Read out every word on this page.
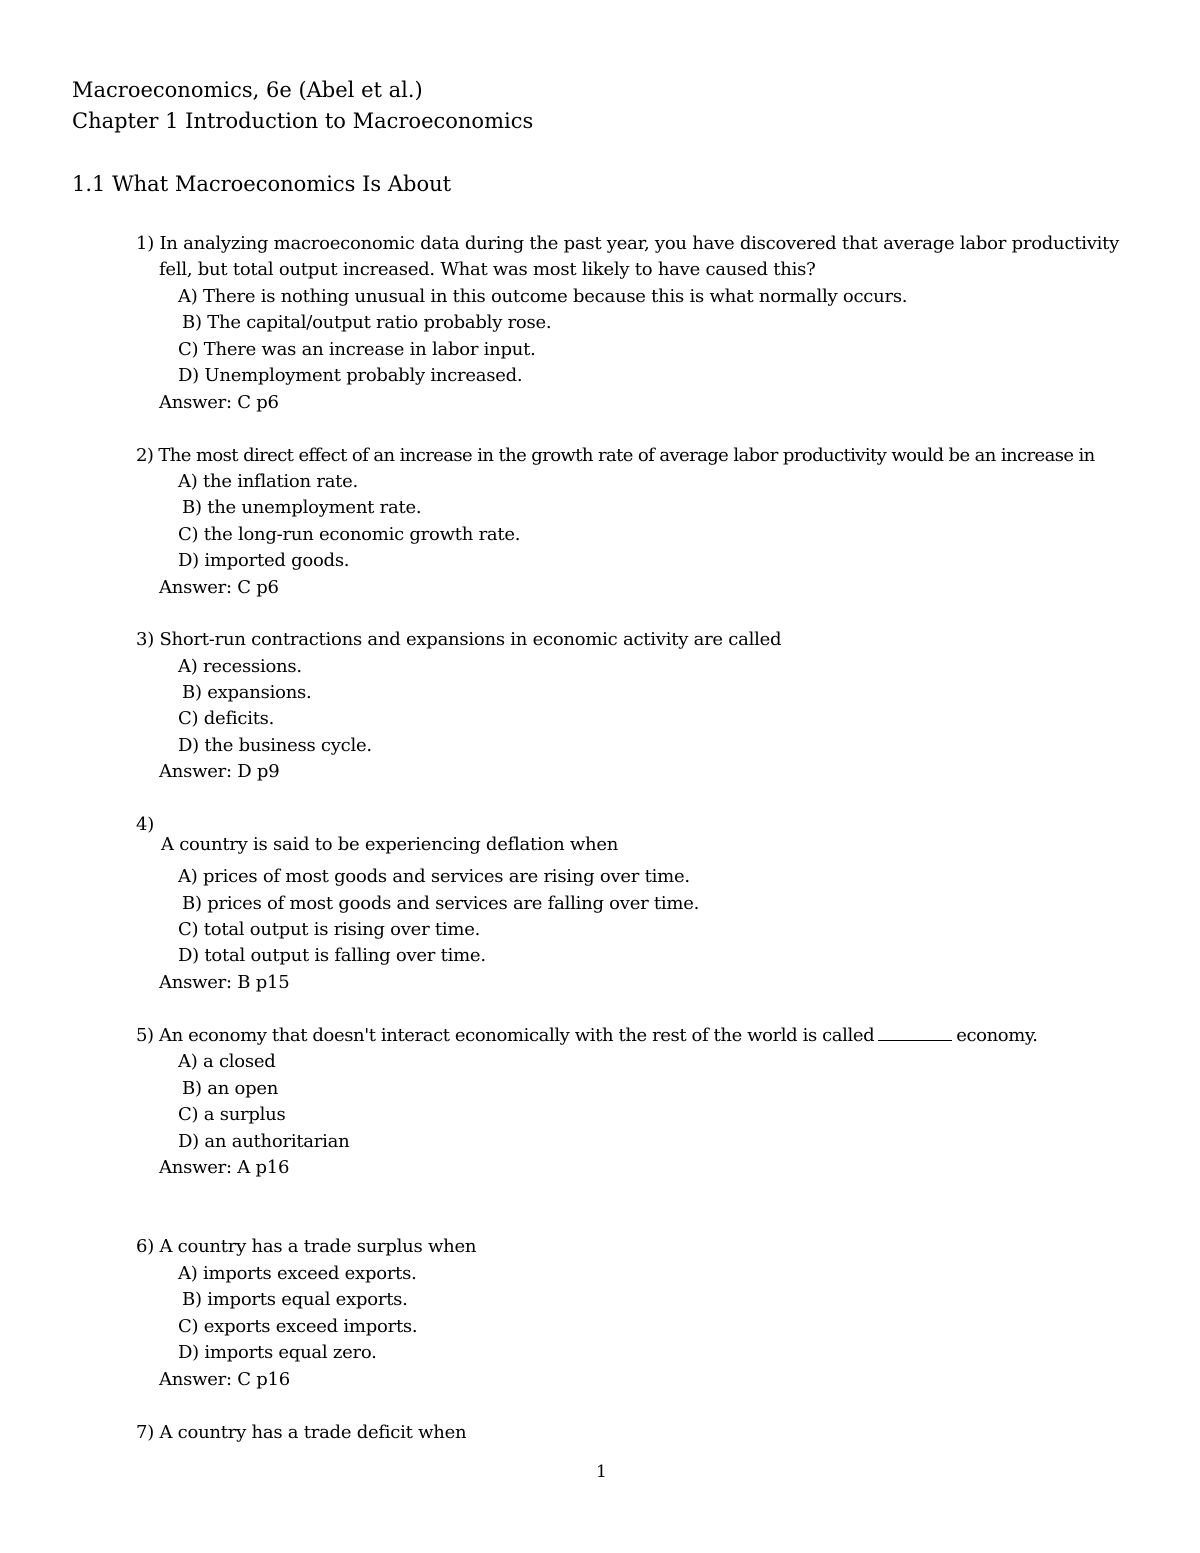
Macroeconomics, 6e (Abel et al.)
Chapter 1 Introduction to Macroeconomics
1.1 What Macroeconomics Is About
1) In analyzing macroeconomic data during the past year, you have discovered that average labor productivity
fell, but total output increased. What was most likely to have caused this?
A) There is nothing unusual in this outcome because this is what normally occurs.
B) The capital/output ratio probably rose.
C) There was an increase in labor input.
D) Unemployment probably increased.
Answer: C p6
2) The most direct effect of an increase in the growth rate of average labor productivity would be an increase in
A) the inflation rate.
B) the unemployment rate.
C) the long-run economic growth rate.
D) imported goods.
Answer: C p6
3) Short-run contractions and expansions in economic activity are called
A) recessions.
B) expansions.
C) deficits.
D) the business cycle.
Answer: D p9
4)
A country is said to be experiencing deflation when
A) prices of most goods and services are rising over time.
B) prices of most goods and services are falling over time.
C) total output is rising over time.
D) total output is falling over time.
Answer: B p15
5) An economy that doesn't interact economically with the rest of the world is called	economy.
A) a closed
B) an open
C) a surplus
D) an authoritarian
Answer: A p16
6) A country has a trade surplus when
A) imports exceed exports.
B) imports equal exports.
C) exports exceed imports.
D) imports equal zero.
Answer: C p16
7) A country has a trade deficit when
1
